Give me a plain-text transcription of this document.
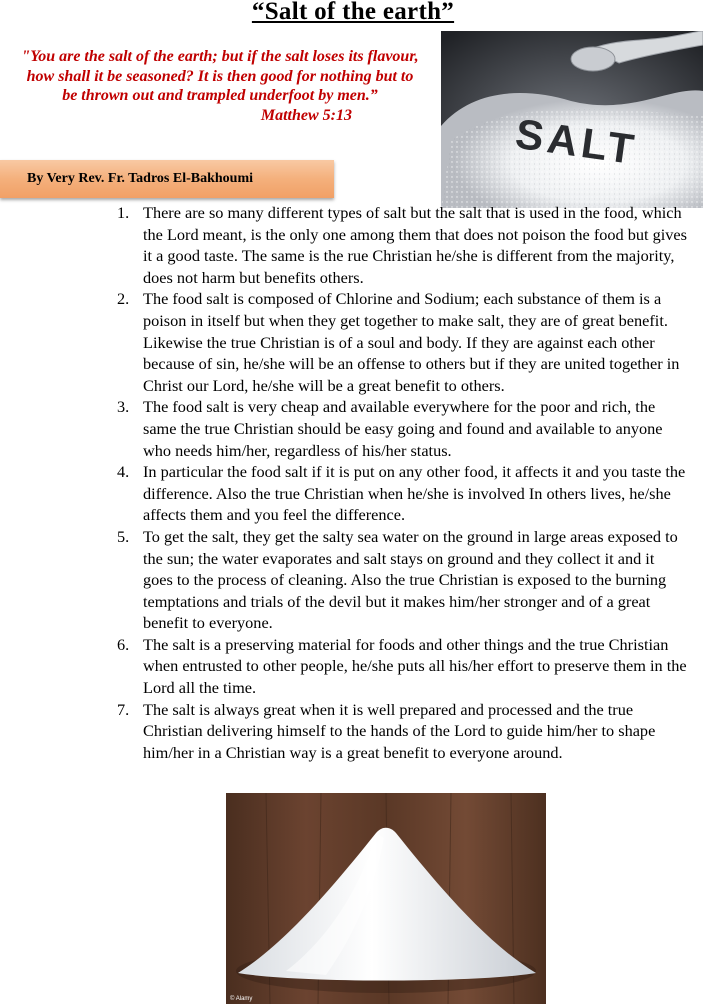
“Salt of the earth”
"You are the salt of the earth; but if the salt loses its flavour, how shall it be seasoned? It is then good for nothing but to be thrown out and trampled underfoot by men.”
Matthew 5:13
By Very Rev. Fr. Tadros El-Bakhoumi
SALT
1. There are so many different types of salt but the salt that is used in the food, which the Lord meant, is the only one among them that does not poison the food but gives it a good taste. The same is the rue Christian he/she is different from the majority, does not harm but benefits others.
2. The food salt is composed of Chlorine and Sodium; each substance of them is a poison in itself but when they get together to make salt, they are of great benefit. Likewise the true Christian is of a soul and body. If they are against each other because of sin, he/she will be an offense to others but if they are united together in Christ our Lord, he/she will be a great benefit to others.
3. The food salt is very cheap and available everywhere for the poor and rich, the same the true Christian should be easy going and found and available to anyone who needs him/her, regardless of his/her status.
4. In particular the food salt if it is put on any other food, it affects it and you taste the difference. Also the true Christian when he/she is involved In others lives, he/she affects them and you feel the difference.
5. To get the salt, they get the salty sea water on the ground in large areas exposed to the sun; the water evaporates and salt stays on ground and they collect it and it goes to the process of cleaning. Also the true Christian is exposed to the burning temptations and trials of the devil but it makes him/her stronger and of a great benefit to everyone.
6. The salt is a preserving material for foods and other things and the true Christian when entrusted to other people, he/she puts all his/her effort to preserve them in the Lord all the time.
7. The salt is always great when it is well prepared and processed and the true Christian delivering himself to the hands of the Lord to guide him/her to shape him/her in a Christian way is a great benefit to everyone around.
© Alamy
